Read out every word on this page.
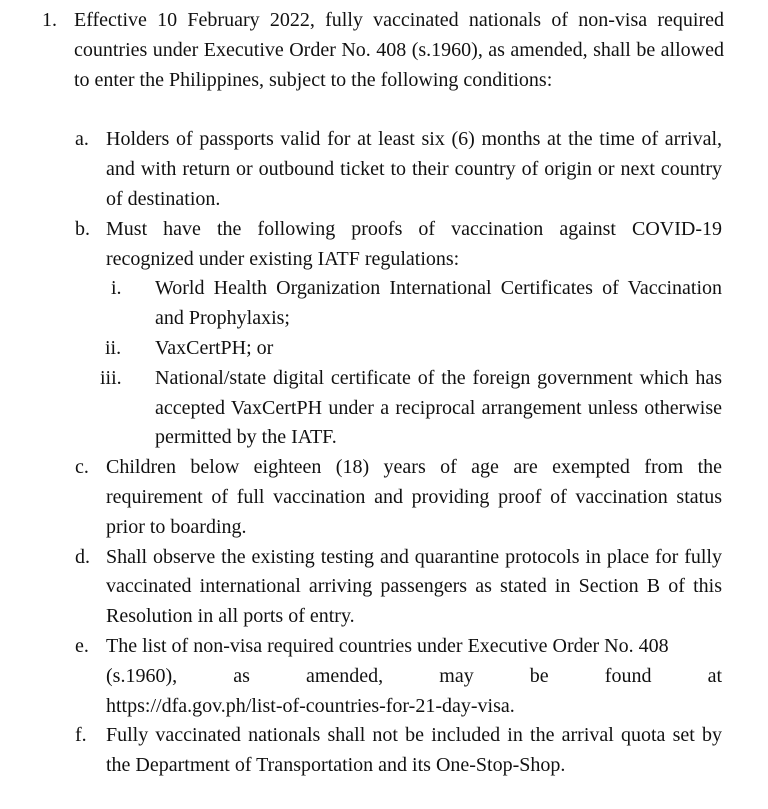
1. Effective 10 February 2022, fully vaccinated nationals of non-visa required countries under Executive Order No. 408 (s.1960), as amended, shall be allowed to enter the Philippines, subject to the following conditions:
a. Holders of passports valid for at least six (6) months at the time of arrival, and with return or outbound ticket to their country of origin or next country of destination.
b. Must have the following proofs of vaccination against COVID-19 recognized under existing IATF regulations:
i. World Health Organization International Certificates of Vaccination and Prophylaxis;
ii. VaxCertPH; or
iii. National/state digital certificate of the foreign government which has accepted VaxCertPH under a reciprocal arrangement unless otherwise permitted by the IATF.
c. Children below eighteen (18) years of age are exempted from the requirement of full vaccination and providing proof of vaccination status prior to boarding.
d. Shall observe the existing testing and quarantine protocols in place for fully vaccinated international arriving passengers as stated in Section B of this Resolution in all ports of entry.
e. The list of non-visa required countries under Executive Order No. 408
(s.1960), as amended, may be found at
https://dfa.gov.ph/list-of-countries-for-21-day-visa.
f. Fully vaccinated nationals shall not be included in the arrival quota set by the Department of Transportation and its One-Stop-Shop.
